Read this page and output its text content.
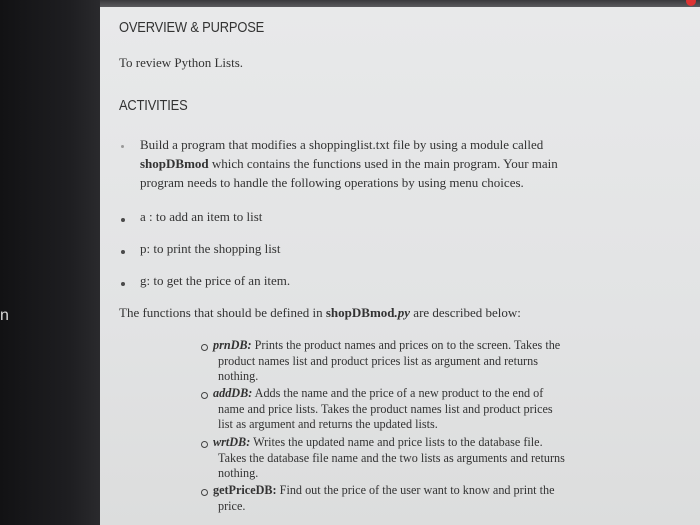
n
OVERVIEW & PURPOSE
To review Python Lists.
ACTIVITIES
Build a program that modifies a shoppinglist.txt file by using a module called
shopDBmod which contains the functions used in the main program. Your main
program needs to handle the following operations by using menu choices.
a : to add an item to list
p: to print the shopping list
g: to get the price of an item.
The functions that should be defined in shopDBmod.py are described below:
prnDB: Prints the product names and prices on to the screen. Takes the
product names list and product prices list as argument and returns
nothing.
addDB: Adds the name and the price of a new product to the end of
name and price lists. Takes the product names list and product prices
list as argument and returns the updated lists.
wrtDB: Writes the updated name and price lists to the database file.
Takes the database file name and the two lists as arguments and returns
nothing.
getPriceDB: Find out the price of the user want to know and print the
price.
